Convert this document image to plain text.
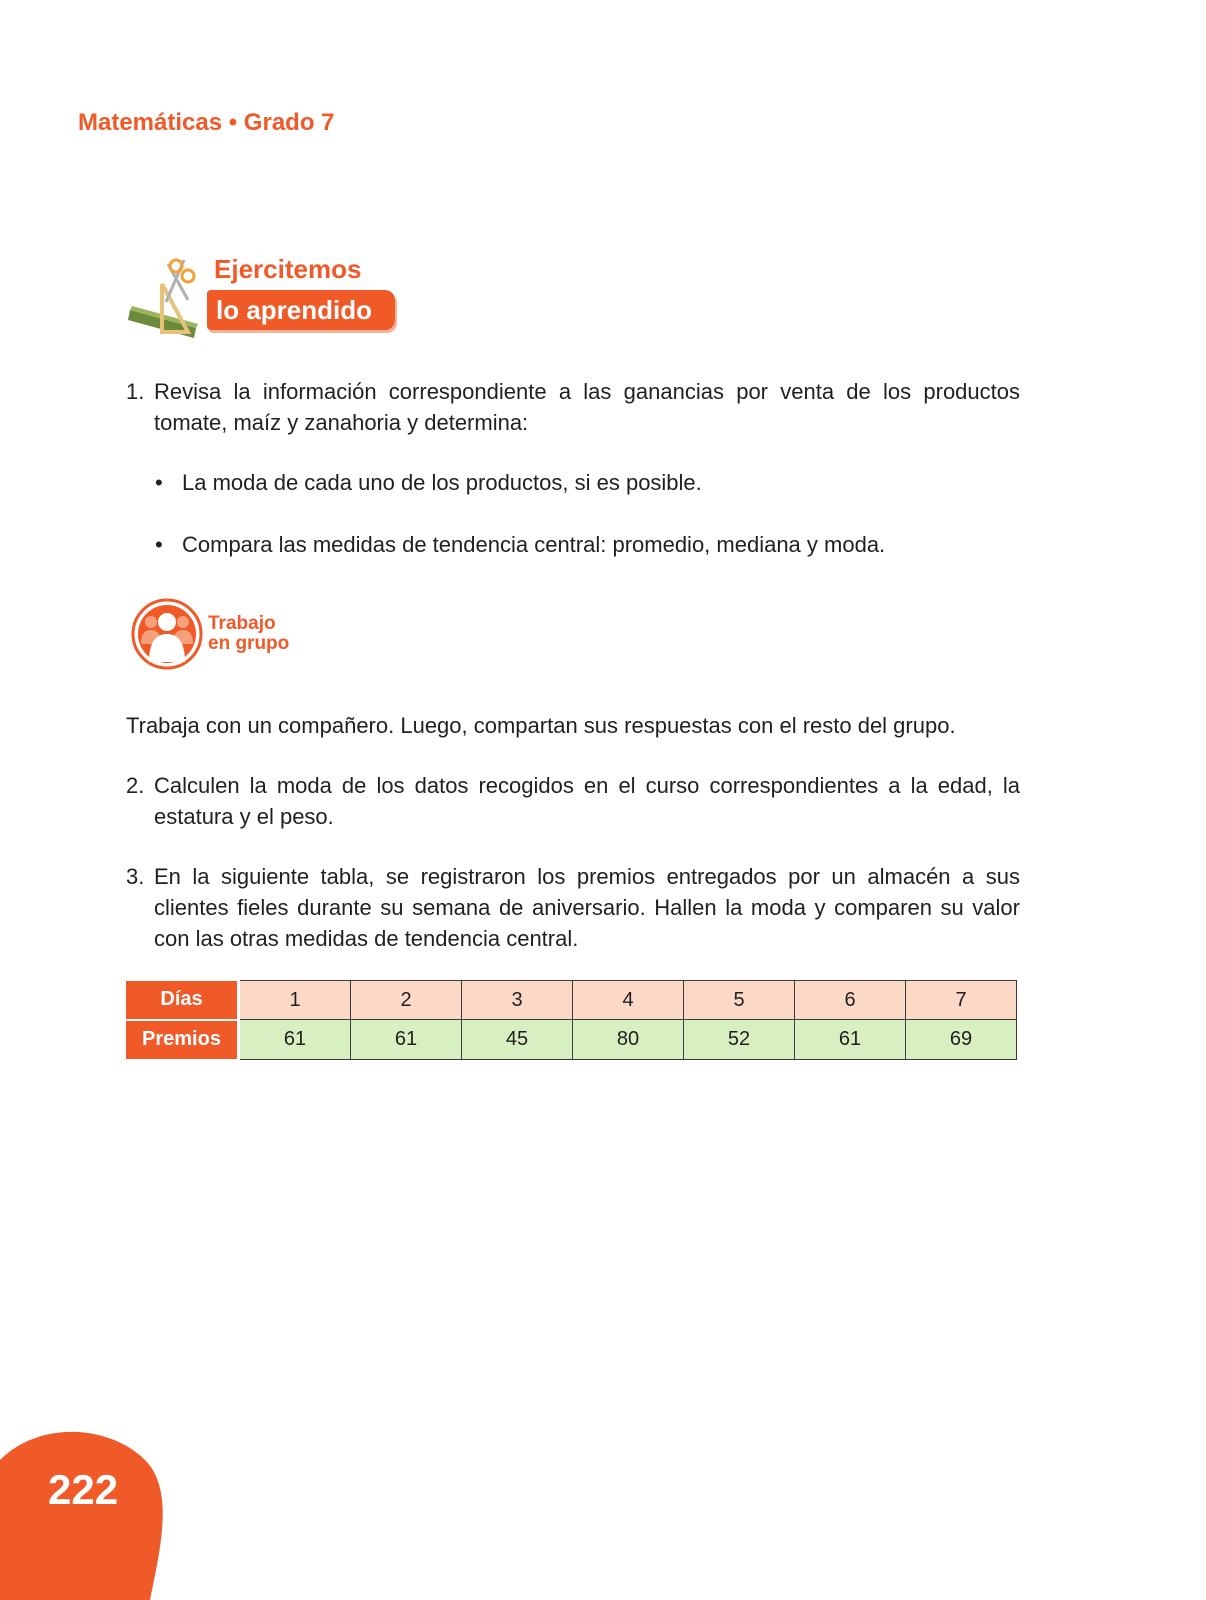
Matemáticas • Grado 7
Ejercitemos
lo aprendido
1. Revisa la información correspondiente a las ganancias por venta de los productos tomate, maíz y zanahoria y determina:
• La moda de cada uno de los productos, si es posible.
• Compara las medidas de tendencia central: promedio, mediana y moda.
Trabajo
en grupo
Trabaja con un compañero. Luego, compartan sus respuestas con el resto del grupo.
2. Calculen la moda de los datos recogidos en el curso correspondientes a la edad, la estatura y el peso.
3. En la siguiente tabla, se registraron los premios entregados por un almacén a sus clientes fieles durante su semana de aniversario. Hallen la moda y comparen su valor con las otras medidas de tendencia central.
Días	1	2	3	4	5	6	7
Premios	61	61	45	80	52	61	69
222
